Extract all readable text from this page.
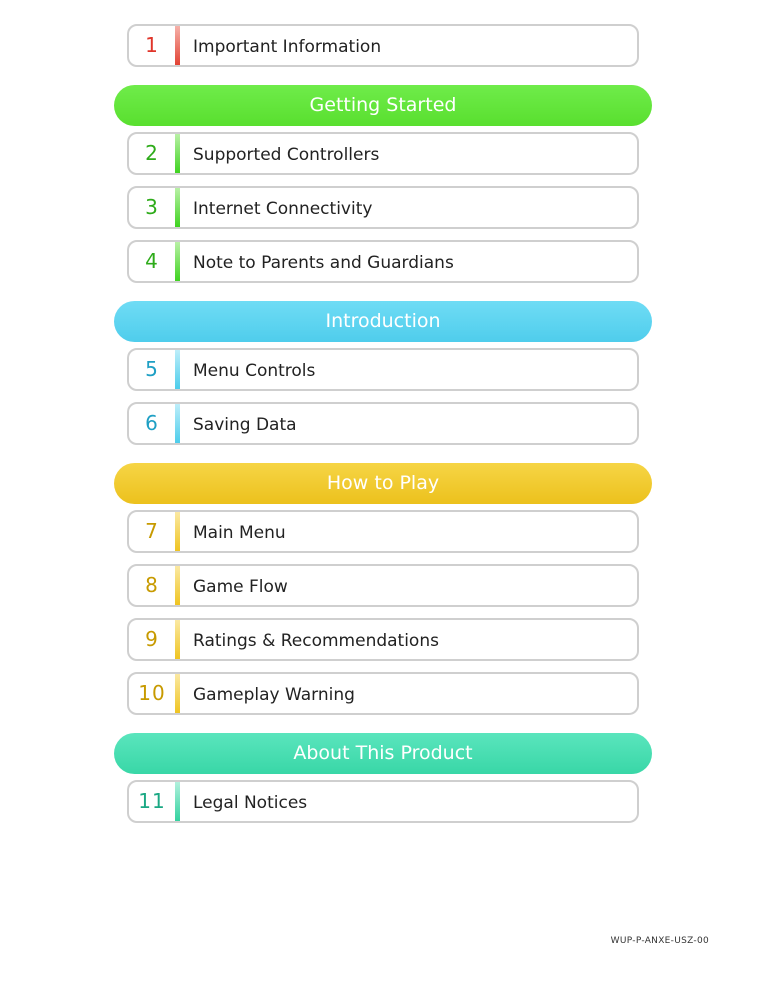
1	Important Information
Getting Started
2	Supported Controllers
3	Internet Connectivity
4	Note to Parents and Guardians
Introduction
5	Menu Controls
6	Saving Data
How to Play
7	Main Menu
8	Game Flow
9	Ratings & Recommendations
10	Gameplay Warning
About This Product
11	Legal Notices
WUP-P-ANXE-USZ-00
